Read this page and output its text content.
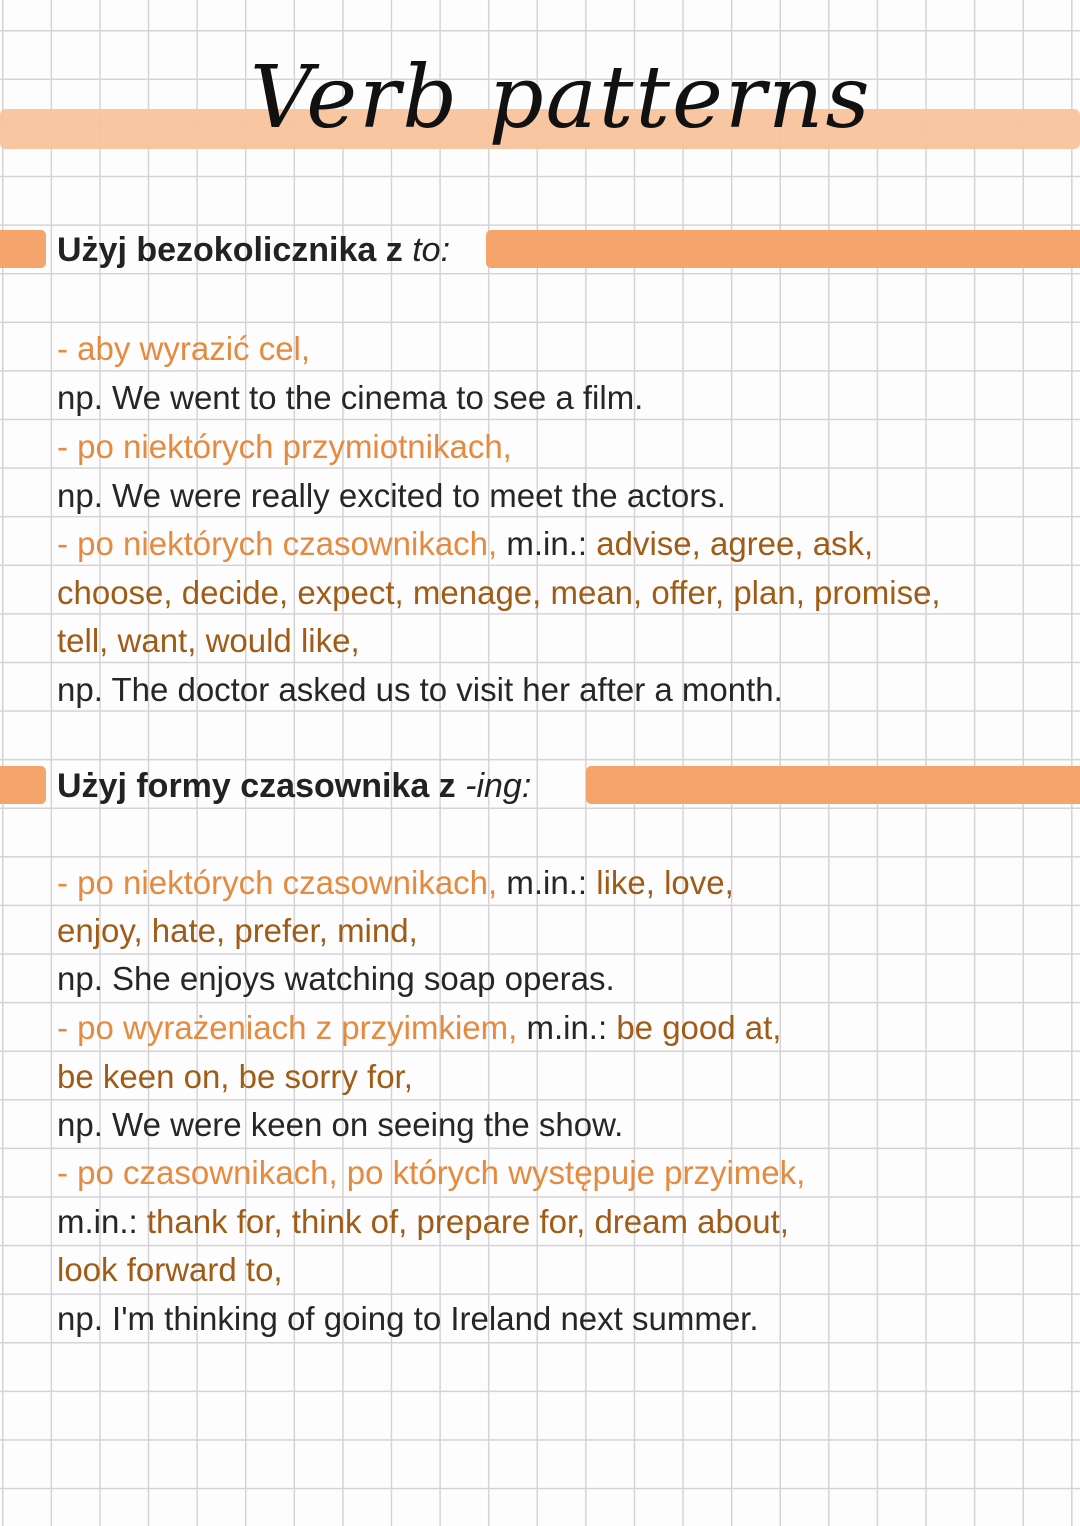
Verb patterns
Użyj bezokolicznika z to:
- aby wyrazić cel,
np. We went to the cinema to see a film.
- po niektórych przymiotnikach,
np. We were really excited to meet the actors.
- po niektórych czasownikach, m.in.: advise, agree, ask,
choose, decide, expect, menage, mean, offer, plan, promise,
tell, want, would like,
np. The doctor asked us to visit her after a month.
Użyj formy czasownika z -ing:
- po niektórych czasownikach, m.in.: like, love,
enjoy, hate, prefer, mind,
np. She enjoys watching soap operas.
- po wyrażeniach z przyimkiem, m.in.: be good at,
be keen on, be sorry for,
np. We were keen on seeing the show.
- po czasownikach, po których występuje przyimek,
m.in.: thank for, think of, prepare for, dream about,
look forward to,
np. I'm thinking of going to Ireland next summer.
